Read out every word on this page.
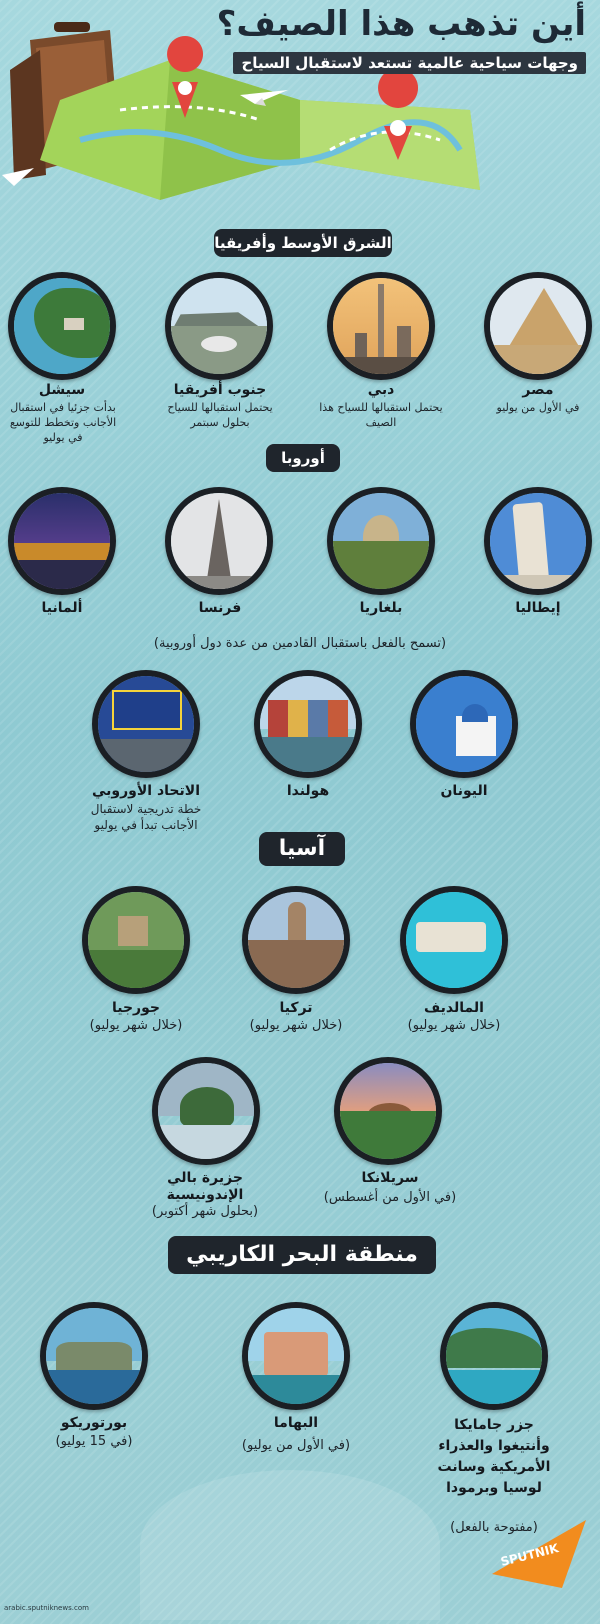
أين تذهب هذا الصيف؟
وجهات سياحية عالمية تستعد لاستقبال السياح
الشرق الأوسط وأفريقيا
مصر
في الأول من يوليو
دبي
يحتمل استقبالها للسياح هذا الصيف
جنوب أفريقيا
يحتمل استقبالها للسياح بحلول سبتمر
سيشل
بدأت جزئيا في استقبال الأجانب وتخطط للتوسع في يوليو
أوروبا
إيطاليا
بلغاريا
فرنسا
ألمانيا
(تسمح بالفعل باستقبال القادمين من عدة دول أوروبية)
اليونان
هولندا
الاتحاد الأوروبي
خطة تدريجية لاستقبال الأجانب تبدأ في يوليو
آسيا
المالديف
(خلال شهر يوليو)
تركيا
(خلال شهر يوليو)
جورجيا
(خلال شهر يوليو)
سريلانكا
(في الأول من أغسطس)
جزيرة بالي الإندونيسية
(بحلول شهر أكتوبر)
منطقة البحر الكاريبي
جزر جامايكا وأنتيغوا والعذراء الأمريكية وسانت لوسيا وبرمودا
(مفتوحة بالفعل)
البهاما
(في الأول من يوليو)
بورتوريكو
(في 15 يوليو)
SPUTNIK
arabic.sputniknews.com
